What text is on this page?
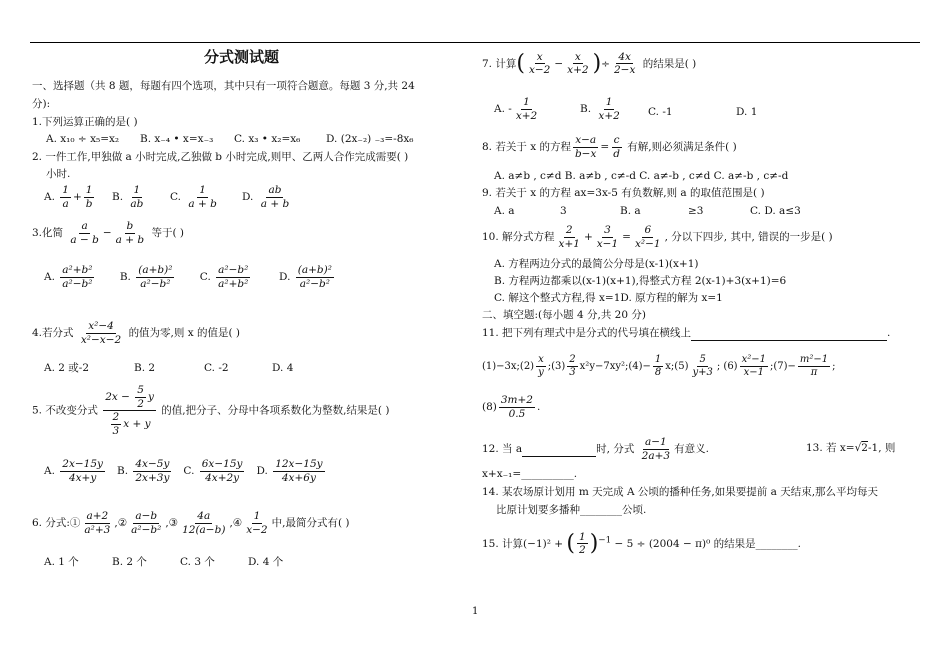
分式测试题
一、选择题（共 8 题，每题有四个选项，其中只有一项符合题意。每题 3 分,共 24
分):
1.下列运算正确的是( )
A. x₁₀ ÷ x₅=x₂ B. x₋₄ • x=x₋₃ C. x₃ • x₂=x₆ D. (2x₋₂) ₋₃=-8x₆
2. 一件工作,甲独做 a 小时完成,乙独做 b 小时完成,则甲、乙两人合作完成需要( )
小时.
A. $\frac{1}{a} + \frac{1}{b} B$. $\frac{1}{ab} C$. $\frac{1}{a + b} D$. $\frac{ab}{a + b}$
3.化简 $\frac{a}{a - b} - \frac{b}{a + b}$ 等于( )
A. $\frac{\text{a²+b²}}{\text{a²−b²}} B$. $\frac{\text{(a+b)²}}{\text{a²−b²}} C$. $\frac{\text{a²−b²}}{\text{a²+b²}} D$. $\frac{\text{(a+b)²}}{\text{a²−b²}}$
4.若分式 $\frac{\text{x²−4}}{\text{x²−x−2}}$ 的值为零,则 x 的值是( )
A. 2 或-2	B. 2	C. -2	D. 4
5. 不改变分式 $\frac{2x - \frac{5}{2} y}{\frac{2}{3} x + y}$ 的值,把分子、分母中各项系数化为整数,结果是( )
A. $\frac{2x-15y}{4x+y} B$. $\frac{4x-5y}{2x+3y} C$. $\frac{6x-15y}{4x+2y} D$. $\frac{12x-15y}{4x+6y}$
6. 分式:① $\frac{a+2}{\text{a²+3}}$ ,② $\frac{a-b}{\text{a²−b²}}$ ,③ $\frac{4a}{12(a-b)}$ ,④ $\frac{1}{x-2}$ 中,最简分式有( )
A. 1 个	B. 2 个	C. 3 个	D. 4 个
7. 计算( $\frac{x}{x-2} - \frac{x}{x+2}$ )÷ $\frac{4x}{2-x}$ 的结果是( )
A. - $\frac{1}{x+2}$	B. $\frac{1}{x+2} C$. -1	D. 1
8. 若关于 x 的方程 $\frac{x-a}{b-x} = \frac{c}{d}$ 有解,则必须满足条件( )
A. a≠b , c≠d B. a≠b , c≠-d C. a≠-b , c≠d C. a≠-b , c≠-d
9. 若关于 x 的方程 ax=3x-5 有负数解,则 a 的取值范围是( )
A. a	3	B. a	≥3	C. D. a≤3
10. 解分式方程 $\frac{2}{x+1} + \frac{3}{x-1} = \frac{6}{\text{x²−1}}$ , 分以下四步, 其中, 错误的一步是( )
A. 方程两边分式的最简公分母是(x-1)(x+1)
B. 方程两边都乘以(x-1)(x+1),得整式方程 2(x-1)+3(x+1)=6
C. 解这个整式方程,得 x=1D. 原方程的解为 x=1
二、填空题:(每小题 4 分,共 20 分)
11. 把下列有理式中是分式的代号填在横线上	.
(1)−3x;(2) $\frac{x}{y}$ ;(3) $\frac{2}{3}$ x²y−7xy²;(4)− $\frac{1}{8}$ x;(5) $\frac{5}{y+3}$ ; $(6) \frac{\text{x²−1}}{x-1}$ ;(7)− $\frac{\text{m²−1}}{\pi}$ ;
$(8) \frac{3m+2}{0.5}$ .
12. 当 a	时, 分式 $\frac{a-1}{2a+3}$ 有意义.	13. 若 x=√2-1, 则
x+x₋₁=__________.
14. 某农场原计划用 m 天完成 A 公顷的播种任务,如果要提前 a 天结束,那么平均每天
比原计划要多播种________公顷.
15. 计算(−1)² + ( $\frac{1}{2} )^{-1} - 5 \div (2004 - \pi)^0$ 的结果是________.
1
